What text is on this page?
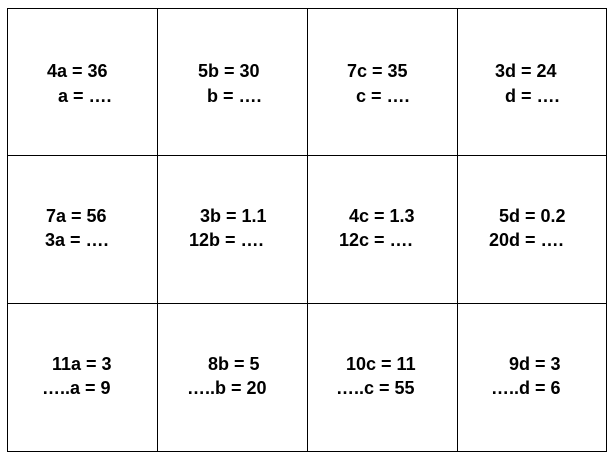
4a = 36
a = ….
5b = 30
b = ….
7c = 35
c = ….
3d = 24
d = ….
7a = 56
3a = ….
3b = 1.1
12b = ….
4c = 1.3
12c = ….
5d = 0.2
20d = ….
11a = 3
…..a = 9
8b = 5
…..b = 20
10c = 11
…..c = 55
9d = 3
…..d = 6
